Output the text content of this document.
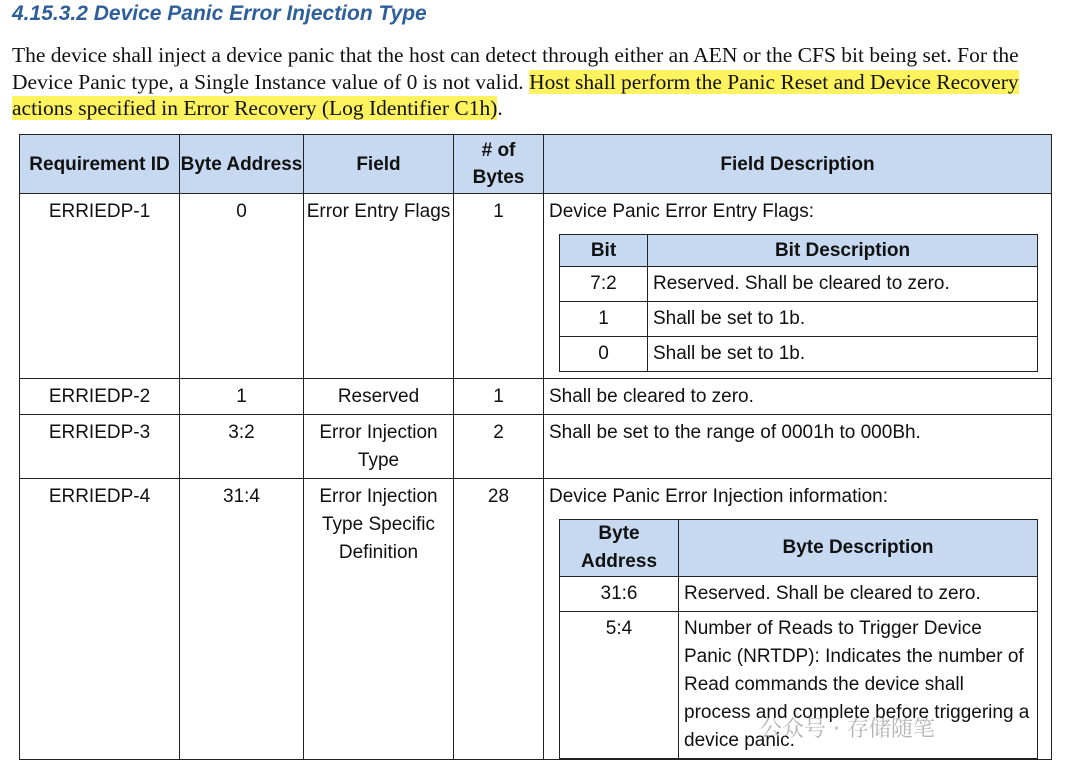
4.15.3.2 Device Panic Error Injection Type
The device shall inject a device panic that the host can detect through either an AEN or the CFS bit being set. For the Device Panic type, a Single Instance value of 0 is not valid. Host shall perform the Panic Reset and Device Recovery actions specified in Error Recovery (Log Identifier C1h).
Requirement ID	Byte Address	Field	# of Bytes	Field Description
ERRIEDP-1	0	Error Entry Flags	1	Device Panic Error Entry Flags:
Bit	Bit Description
7:2	Reserved. Shall be cleared to zero.
1	Shall be set to 1b.
0	Shall be set to 1b.

ERRIEDP-2	1	Reserved	1	Shall be cleared to zero.
ERRIEDP-3	3:2	Error Injection Type	2	Shall be set to the range of 0001h to 000Bh.
ERRIEDP-4	31:4	Error Injection Type Specific Definition	28	Device Panic Error Injection information:
Byte Address	Byte Description
31:6	Reserved. Shall be cleared to zero.
5:4	Number of Reads to Trigger Device Panic (NRTDP): Indicates the number of Read commands the device shall process and complete before triggering a device panic.
公众号 · 存储随笔
